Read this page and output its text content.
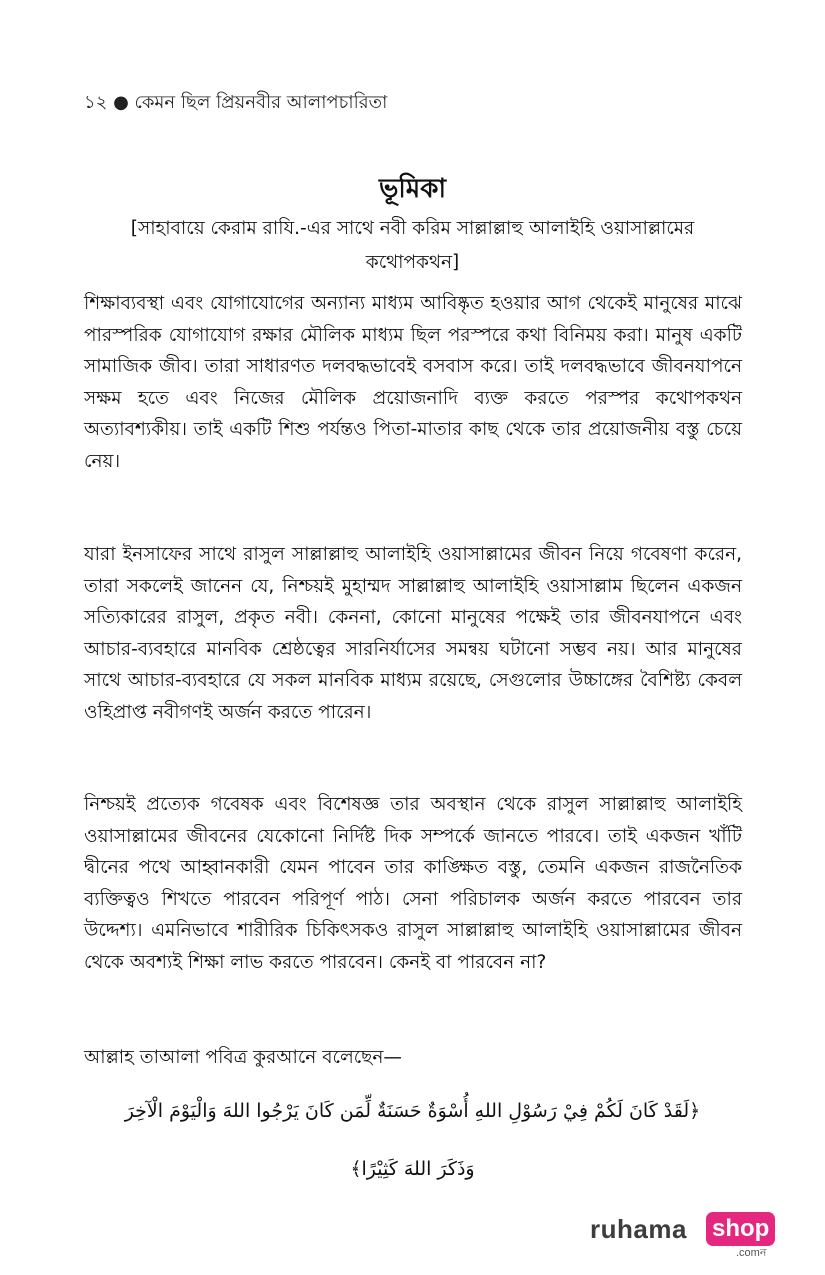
১২ ● কেমন ছিল প্রিয়নবীর আলাপচারিতা
ভূমিকা
[সাহাবায়ে কেরাম রাযি.-এর সাথে নবী করিম সাল্লাল্লাহু আলাইহি ওয়াসাল্লামের কথোপকথন]

শিক্ষাব্যবস্থা এবং যোগাযোগের অন্যান্য মাধ্যম আবিষ্কৃত হওয়ার আগ থেকেই মানুষের মাঝে পারস্পরিক যোগাযোগ রক্ষার মৌলিক মাধ্যম ছিল পরস্পরে কথা বিনিময় করা। মানুষ একটি সামাজিক জীব। তারা সাধারণত দলবদ্ধভাবেই বসবাস করে। তাই দলবদ্ধভাবে জীবনযাপনে সক্ষম হতে এবং নিজের মৌলিক প্রয়োজনাদি ব্যক্ত করতে পরস্পর কথোপকথন অত্যাবশ্যকীয়। তাই একটি শিশু পর্যন্তও পিতা-মাতার কাছ থেকে তার প্রয়োজনীয় বস্তু চেয়ে নেয়।

যারা ইনসাফের সাথে রাসুল সাল্লাল্লাহু আলাইহি ওয়াসাল্লামের জীবন নিয়ে গবেষণা করেন, তারা সকলেই জানেন যে, নিশ্চয়ই মুহাম্মদ সাল্লাল্লাহু আলাইহি ওয়াসাল্লাম ছিলেন একজন সত্যিকারের রাসুল, প্রকৃত নবী। কেননা, কোনো মানুষের পক্ষেই তার জীবনযাপনে এবং আচার-ব্যবহারে মানবিক শ্রেষ্ঠত্বের সারনির্যাসের সমন্বয় ঘটানো সম্ভব নয়। আর মানুষের সাথে আচার-ব্যবহারে যে সকল মানবিক মাধ্যম রয়েছে, সেগুলোর উচ্চাঙ্গের বৈশিষ্ট্য কেবল ওহিপ্রাপ্ত নবীগণই অর্জন করতে পারেন।

নিশ্চয়ই প্রত্যেক গবেষক এবং বিশেষজ্ঞ তার অবস্থান থেকে রাসুল সাল্লাল্লাহু আলাইহি ওয়াসাল্লামের জীবনের যেকোনো নির্দিষ্ট দিক সম্পর্কে জানতে পারবে। তাই একজন খাঁটি দ্বীনের পথে আহ্বানকারী যেমন পাবেন তার কাঙ্ক্ষিত বস্তু, তেমনি একজন রাজনৈতিক ব্যক্তিত্বও শিখতে পারবেন পরিপূর্ণ পাঠ। সেনা পরিচালক অর্জন করতে পারবেন তার উদ্দেশ্য। এমনিভাবে শারীরিক চিকিৎসকও রাসুল সাল্লাল্লাহু আলাইহি ওয়াসাল্লামের জীবন থেকে অবশ্যই শিক্ষা লাভ করতে পারবেন। কেনই বা পারবেন না?

আল্লাহ তাআলা পবিত্র কুরআনে বলেছেন—

﴿لَقَدْ كَانَ لَكُمْ فِيْ رَسُوْلِ اللهِ أُسْوَةٌ حَسَنَةٌ لِّمَن كَانَ يَرْجُوا اللهَ وَالْيَوْمَ الْآخِرَ
وَذَكَرَ اللهَ كَثِيْرًا﴾
ruhama shop
.comন
